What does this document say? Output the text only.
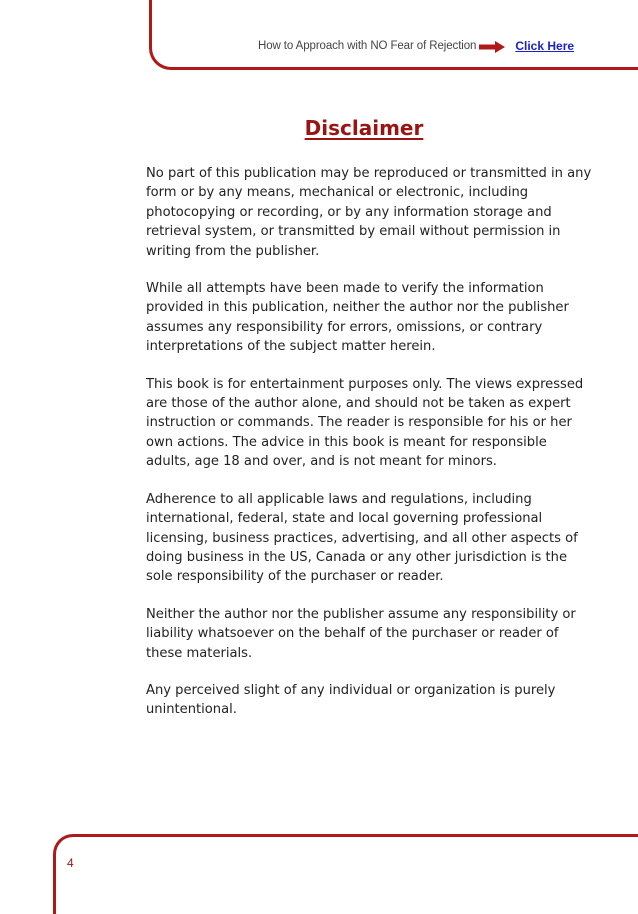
How to Approach with NO Fear of Rejection	Click Here
Disclaimer

No part of this publication may be reproduced or transmitted in any form or by any means, mechanical or electronic, including photocopying or recording, or by any information storage and retrieval system, or transmitted by email without permission in writing from the publisher.

While all attempts have been made to verify the information provided in this publication, neither the author nor the publisher assumes any responsibility for errors, omissions, or contrary interpretations of the subject matter herein.

This book is for entertainment purposes only. The views expressed are those of the author alone, and should not be taken as expert instruction or commands. The reader is responsible for his or her own actions. The advice in this book is meant for responsible adults, age 18 and over, and is not meant for minors.

Adherence to all applicable laws and regulations, including international, federal, state and local governing professional licensing, business practices, advertising, and all other aspects of doing business in the US, Canada or any other jurisdiction is the sole responsibility of the purchaser or reader.

Neither the author nor the publisher assume any responsibility or liability whatsoever on the behalf of the purchaser or reader of these materials.

Any perceived slight of any individual or organization is purely unintentional.

4
